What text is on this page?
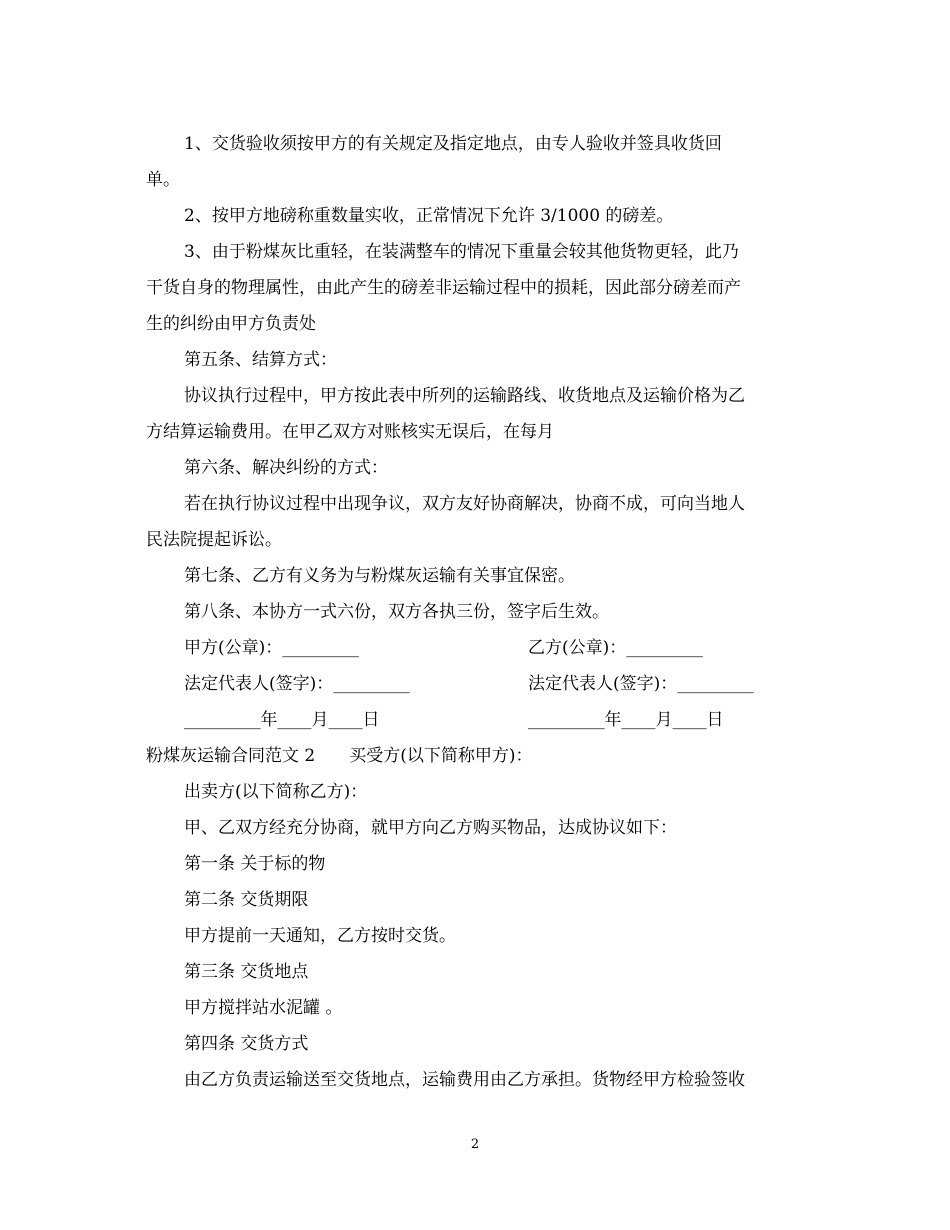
1、交货验收须按甲方的有关规定及指定地点，由专人验收并签具收货回
单。
2、按甲方地磅称重数量实收，正常情况下允许 3/1000 的磅差。
3、由于粉煤灰比重轻，在装满整车的情况下重量会较其他货物更轻，此乃
干货自身的物理属性，由此产生的磅差非运输过程中的损耗，因此部分磅差而产
生的纠纷由甲方负责处
第五条、结算方式：
协议执行过程中，甲方按此表中所列的运输路线、收货地点及运输价格为乙
方结算运输费用。在甲乙双方对账核实无误后，在每月
第六条、解决纠纷的方式：
若在执行协议过程中出现争议，双方友好协商解决，协商不成，可向当地人
民法院提起诉讼。
第七条、乙方有义务为与粉煤灰运输有关事宜保密。
第八条、本协方一式六份，双方各执三份，签字后生效。
甲方(公章)：_________	乙方(公章)：_________
法定代表人(签字)：_________	法定代表人(签字)：_________
_________年____月____日	_________年____月____日
粉煤灰运输合同范文 2　　买受方(以下简称甲方)：
出卖方(以下简称乙方)：
甲、乙双方经充分协商，就甲方向乙方购买物品，达成协议如下：
第一条 关于标的物
第二条 交货期限
甲方提前一天通知，乙方按时交货。
第三条 交货地点
甲方搅拌站水泥罐 。
第四条 交货方式
由乙方负责运输送至交货地点，运输费用由乙方承担。货物经甲方检验签收
2
